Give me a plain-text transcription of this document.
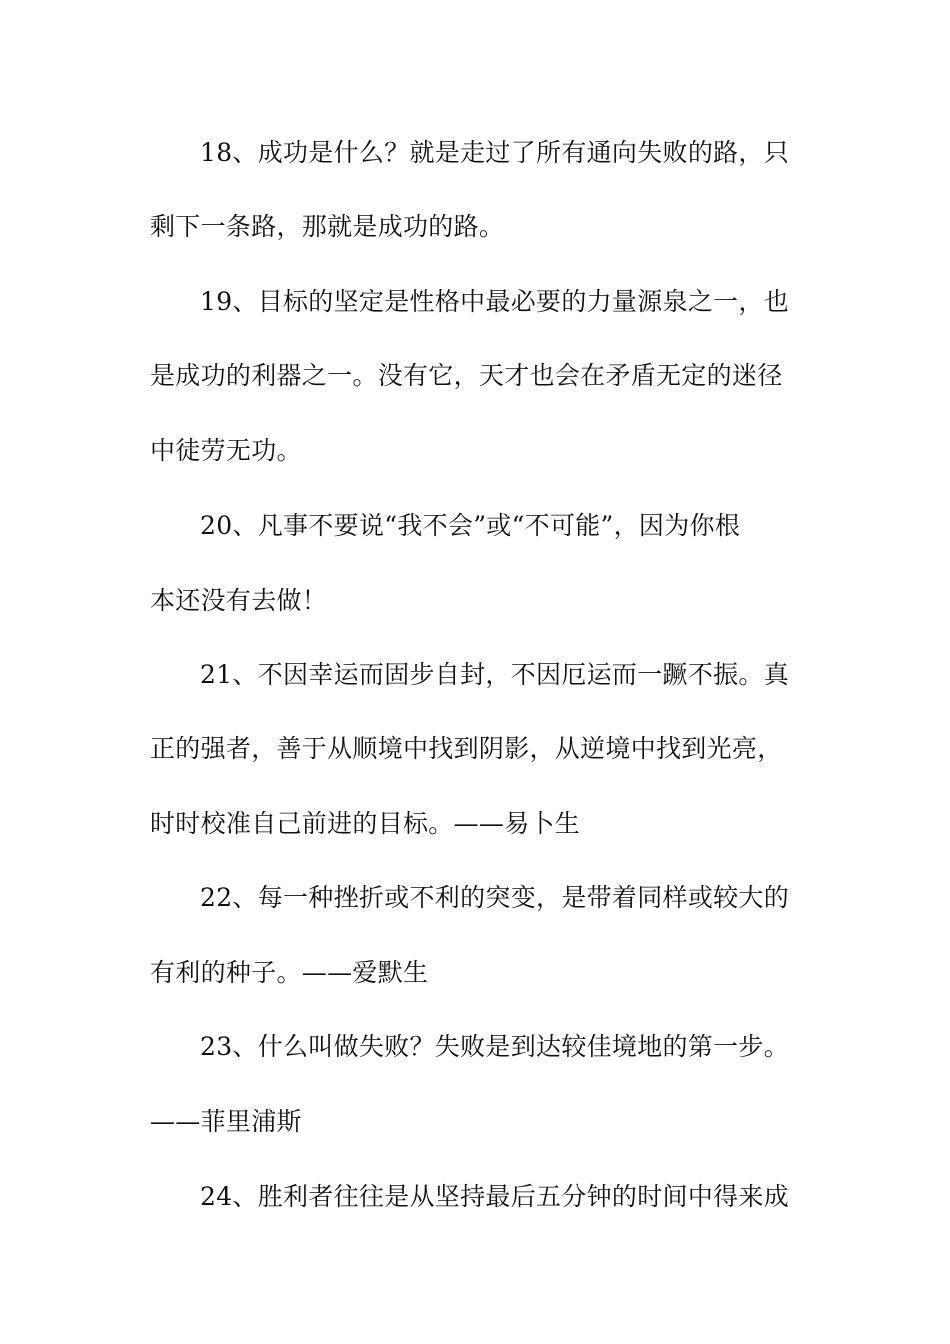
18、成功是什么？就是走过了所有通向失败的路，只
剩下一条路，那就是成功的路。
19、目标的坚定是性格中最必要的力量源泉之一，也
是成功的利器之一。没有它，天才也会在矛盾无定的迷径
中徒劳无功。
20、凡事不要说“我不会”或“不可能”，因为你根
本还没有去做！
21、不因幸运而固步自封，不因厄运而一蹶不振。真
正的强者，善于从顺境中找到阴影，从逆境中找到光亮，
时时校准自己前进的目标。——易卜生
22、每一种挫折或不利的突变，是带着同样或较大的
有利的种子。——爱默生
23、什么叫做失败？失败是到达较佳境地的第一步。
——菲里浦斯
24、胜利者往往是从坚持最后五分钟的时间中得来成
